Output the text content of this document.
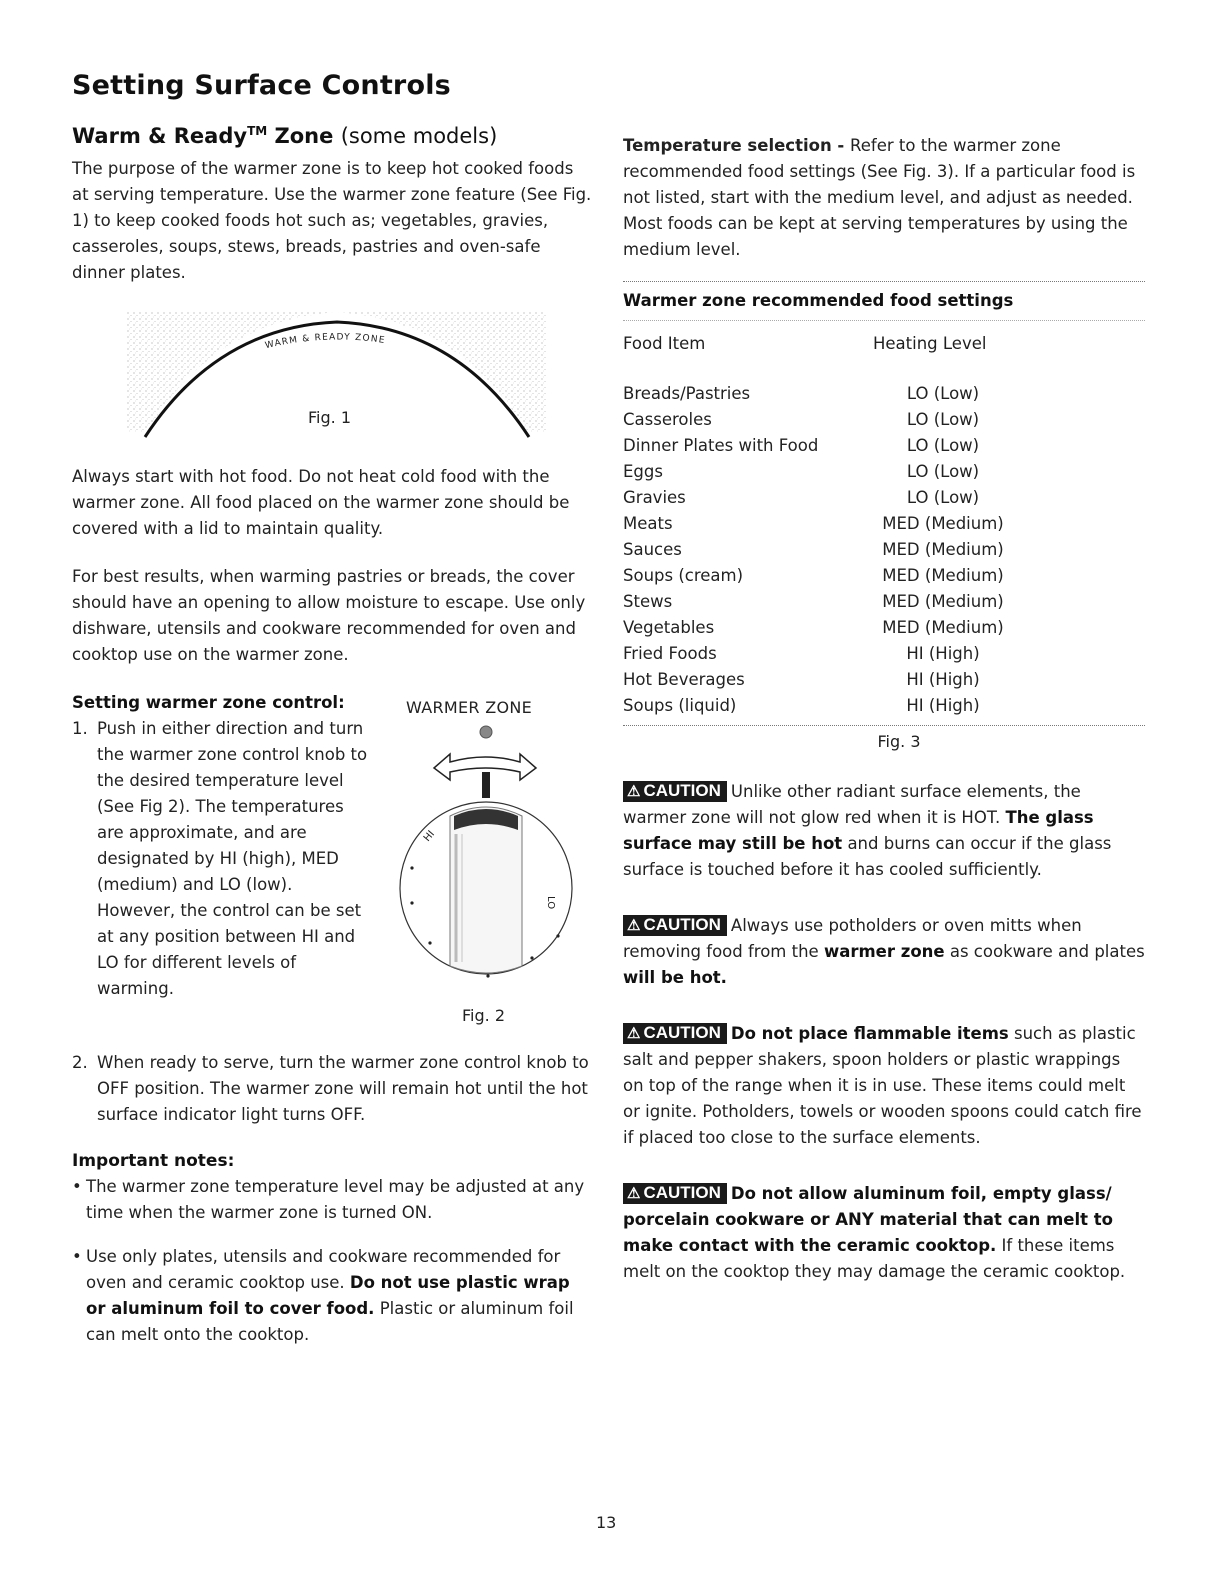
Setting Surface Controls
Warm & Ready™ Zone (some models)

The purpose of the warmer zone is to keep hot cooked foods at serving temperature. Use the warmer zone feature (See Fig. 1) to keep cooked foods hot such as; vegetables, gravies, casseroles, soups, stews, breads, pastries and oven-safe dinner plates.

WARM & READY ZONE
Fig. 1

Always start with hot food. Do not heat cold food with the warmer zone. All food placed on the warmer zone should be covered with a lid to maintain quality.

For best results, when warming pastries or breads, the cover should have an opening to allow moisture to escape. Use only dishware, utensils and cookware recommended for oven and cooktop use on the warmer zone.

Setting warmer zone control:
1. Push in either direction and turn the warmer zone control knob to the desired temperature level (See Fig 2). The temperatures are approximate, and are designated by HI (high), MED (medium) and LO (low). However, the control can be set at any position between HI and LO for different levels of warming.

WARMER ZONE
HI
LO
Fig. 2
2. When ready to serve, turn the warmer zone control knob to OFF position. The warmer zone will remain hot until the hot surface indicator light turns OFF.

Important notes:
• The warmer zone temperature level may be adjusted at any time when the warmer zone is turned ON.
• Use only plates, utensils and cookware recommended for oven and ceramic cooktop use. Do not use plastic wrap or aluminum foil to cover food. Plastic or aluminum foil can melt onto the cooktop.

Temperature selection - Refer to the warmer zone recommended food settings (See Fig. 3). If a particular food is not listed, start with the medium level, and adjust as needed. Most foods can be kept at serving temperatures by using the medium level.

Warmer zone recommended food settings
Food Item	Heating Level

Breads/Pastries	LO (Low)
Casseroles	LO (Low)
Dinner Plates with Food	LO (Low)
Eggs	LO (Low)
Gravies	LO (Low)
Meats	MED (Medium)
Sauces	MED (Medium)
Soups (cream)	MED (Medium)
Stews	MED (Medium)
Vegetables	MED (Medium)
Fried Foods	HI (High)
Hot Beverages	HI (High)
Soups (liquid)	HI (High)
Fig. 3
⚠ CAUTION Unlike other radiant surface elements, the warmer zone will not glow red when it is HOT. The glass surface may still be hot and burns can occur if the glass surface is touched before it has cooled sufficiently.
⚠ CAUTION Always use potholders or oven mitts when removing food from the warmer zone as cookware and plates will be hot.
⚠ CAUTION Do not place flammable items such as plastic salt and pepper shakers, spoon holders or plastic wrappings on top of the range when it is in use. These items could melt or ignite. Potholders, towels or wooden spoons could catch fire if placed too close to the surface elements.
⚠ CAUTION Do not allow aluminum foil, empty glass/ porcelain cookware or ANY material that can melt to make contact with the ceramic cooktop. If these items melt on the cooktop they may damage the ceramic cooktop.
13
